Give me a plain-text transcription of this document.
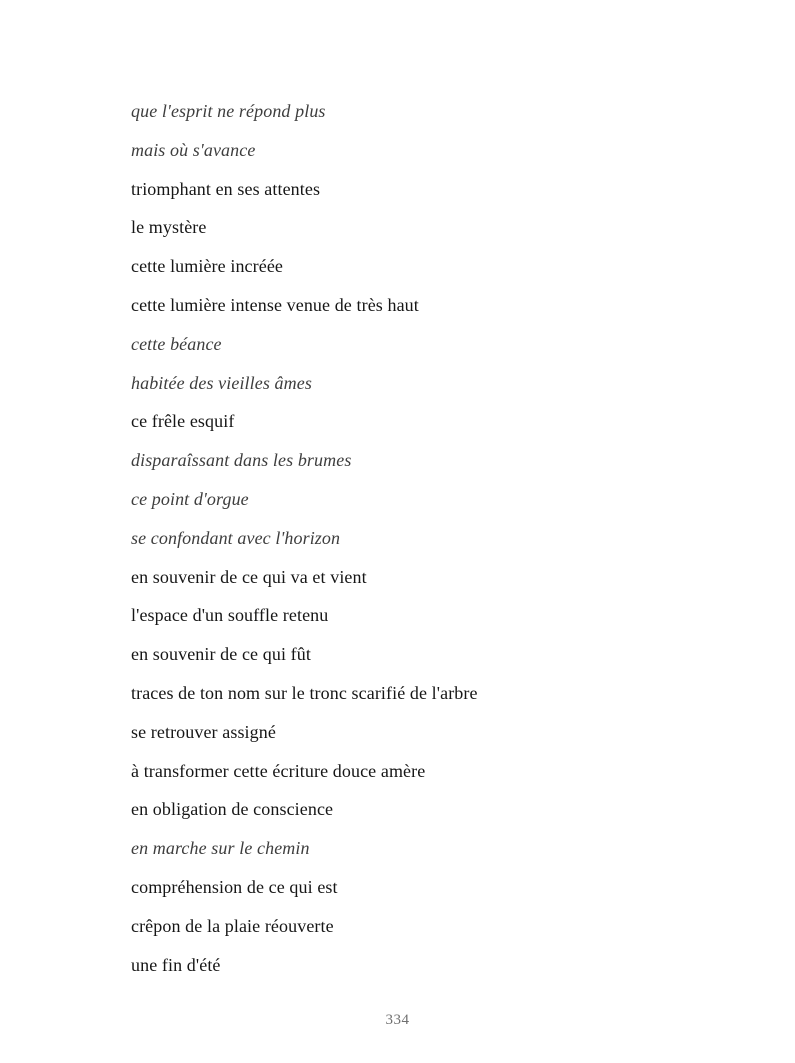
que l'esprit ne répond plus
mais où s'avance
triomphant en ses attentes
le mystère
cette lumière incréée
cette lumière intense venue de très haut
cette béance
habitée des vieilles âmes
ce frêle esquif
disparaîssant dans les brumes
ce point d'orgue
se confondant avec l'horizon
en souvenir de ce qui va et vient
l'espace d'un souffle retenu
en souvenir de ce qui fût
traces de ton nom sur le tronc scarifié de l'arbre
se retrouver assigné
à transformer cette écriture douce amère
en obligation de conscience
en marche sur le chemin
compréhension de ce qui est
crêpon de la plaie réouverte
une fin d'été
334
